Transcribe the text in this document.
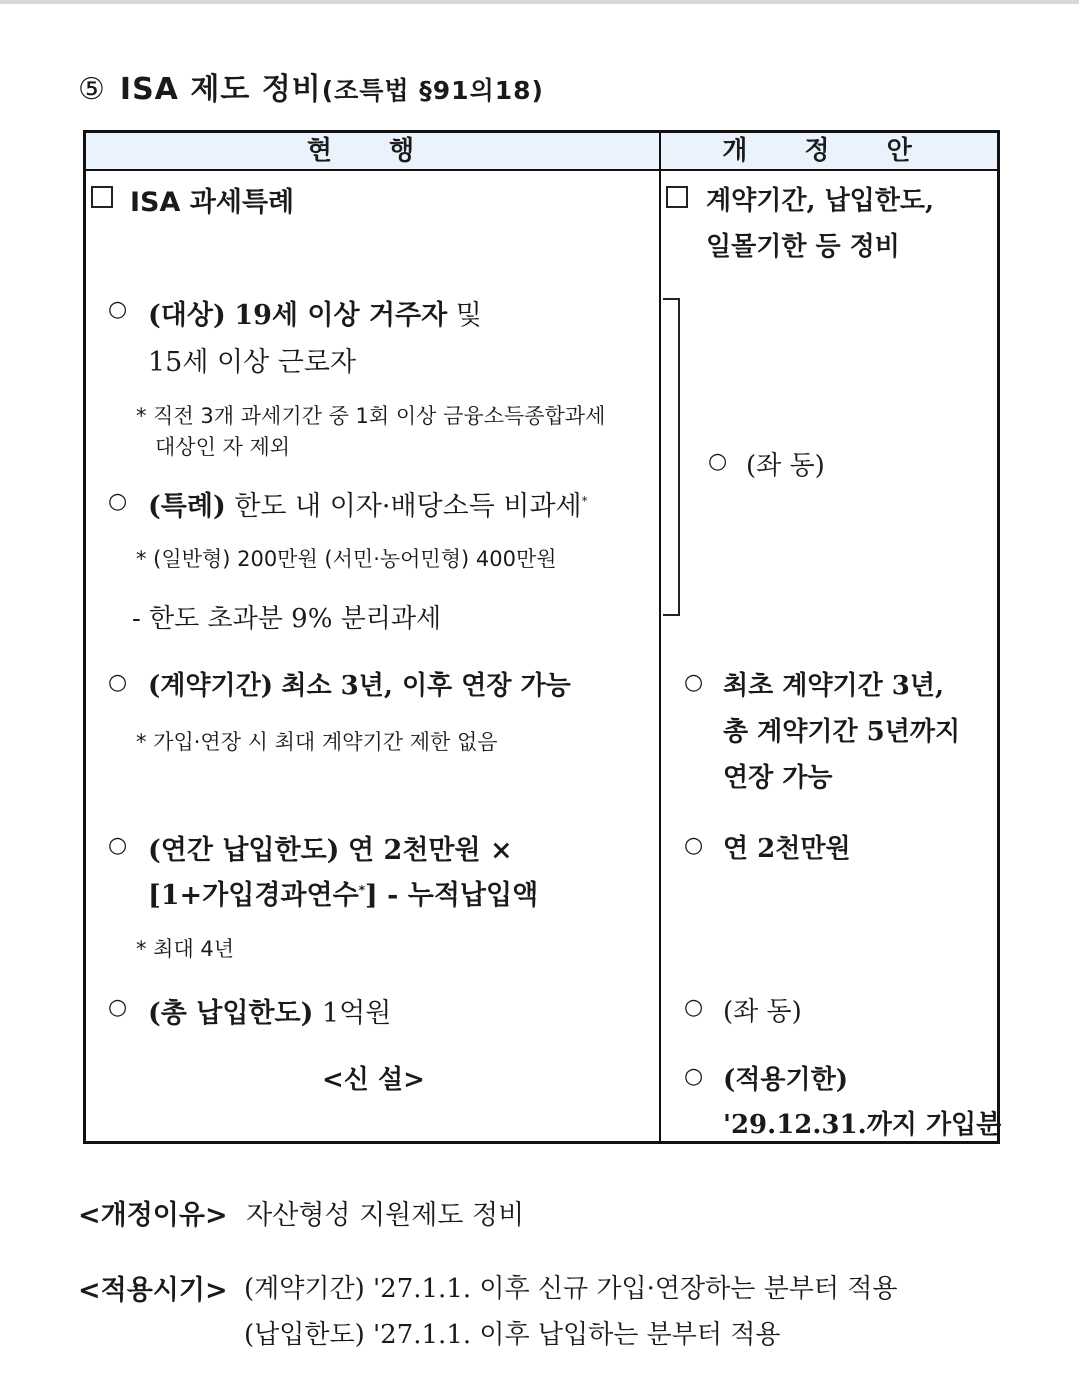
⑤ ISA 제도 정비(조특법 §91의18)
현 행	개 정 안
ISA 과세특례
○ (대상) 19세 이상 거주자 및
15세 이상 근로자
* 직전 3개 과세기간 중 1회 이상 금융소득종합과세
대상인 자 제외
○ (특례) 한도 내 이자·배당소득 비과세*
* (일반형) 200만원 (서민·농어민형) 400만원
- 한도 초과분 9% 분리과세
○ (계약기간) 최소 3년, 이후 연장 가능
* 가입·연장 시 최대 계약기간 제한 없음
○ (연간 납입한도) 연 2천만원 ×
[1+가입경과연수*] - 누적납입액
* 최대 4년
○ (총 납입한도) 1억원
<신 설>
계약기간, 납입한도,
일몰기한 등 정비
○ (좌 동)
○ 최초 계약기간 3년,
총 계약기간 5년까지
연장 가능
○ 연 2천만원
○ (좌 동)
○ (적용기한)
'29.12.31.까지 가입분
<개정이유> 자산형성 지원제도 정비
<적용시기> (계약기간) '27.1.1. 이후 신규 가입·연장하는 분부터 적용
(납입한도) '27.1.1. 이후 납입하는 분부터 적용
